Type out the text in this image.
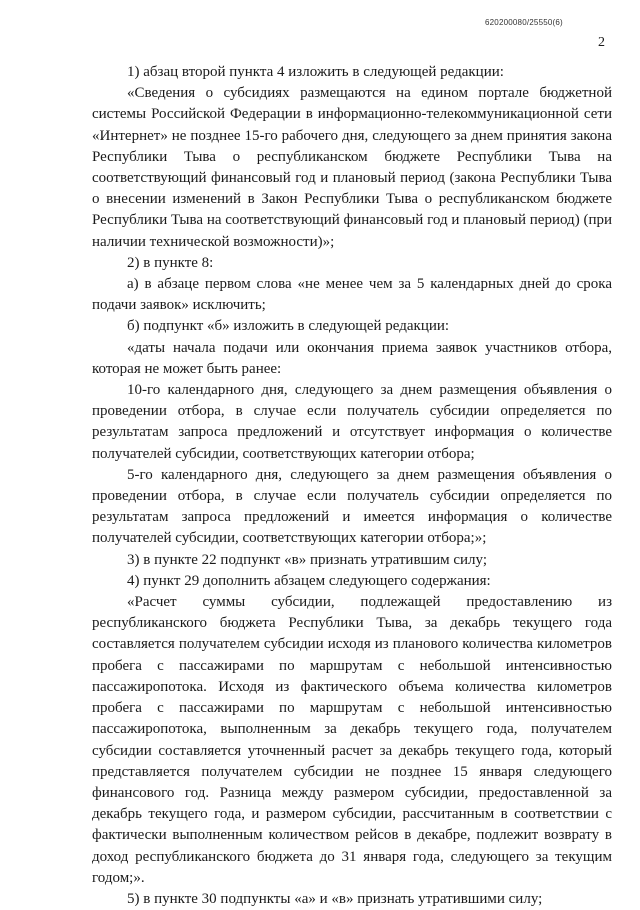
620200080/25550(6)
2

1) абзац второй пункта 4 изложить в следующей редакции:

«Сведения о субсидиях размещаются на едином портале бюджетной системы Российской Федерации в информационно-телекоммуникационной сети «Интернет» не позднее 15-го рабочего дня, следующего за днем принятия закона Республики Тыва о республиканском бюджете Республики Тыва на соответствующий финансовый год и плановый период (закона Республики Тыва о внесении изменений в Закон Республики Тыва о республиканском бюджете Республики Тыва на соответствующий финансовый год и плановый период) (при наличии технической возможности)»;

2) в пункте 8:

а) в абзаце первом слова «не менее чем за 5 календарных дней до срока подачи заявок» исключить;

б) подпункт «б» изложить в следующей редакции:

«даты начала подачи или окончания приема заявок участников отбора, которая не может быть ранее:

10-го календарного дня, следующего за днем размещения объявления о проведении отбора, в случае если получатель субсидии определяется по результатам запроса предложений и отсутствует информация о количестве получателей субсидии, соответствующих категории отбора;

5-го календарного дня, следующего за днем размещения объявления о проведении отбора, в случае если получатель субсидии определяется по результатам запроса предложений и имеется информация о количестве получателей субсидии, соответствующих категории отбора;»;

3) в пункте 22 подпункт «в» признать утратившим силу;

4) пункт 29 дополнить абзацем следующего содержания:

«Расчет суммы субсидии, подлежащей предоставлению из республиканского бюджета Республики Тыва, за декабрь текущего года составляется получателем субсидии исходя из планового количества километров пробега с пассажирами по маршрутам с небольшой интенсивностью пассажиропотока. Исходя из фактического объема количества километров пробега с пассажирами по маршрутам с небольшой интенсивностью пассажиропотока, выполненным за декабрь текущего года, получателем субсидии составляется уточненный расчет за декабрь текущего года, который представляется получателем субсидии не позднее 15 января следующего финансового год. Разница между размером субсидии, предоставленной за декабрь текущего года, и размером субсидии, рассчитанным в соответствии с фактически выполненным количеством рейсов в декабре, подлежит возврату в доход республиканского бюджета до 31 января года, следующего за текущим годом;».

5) в пункте 30 подпункты «а» и «в» признать утратившими силу;
